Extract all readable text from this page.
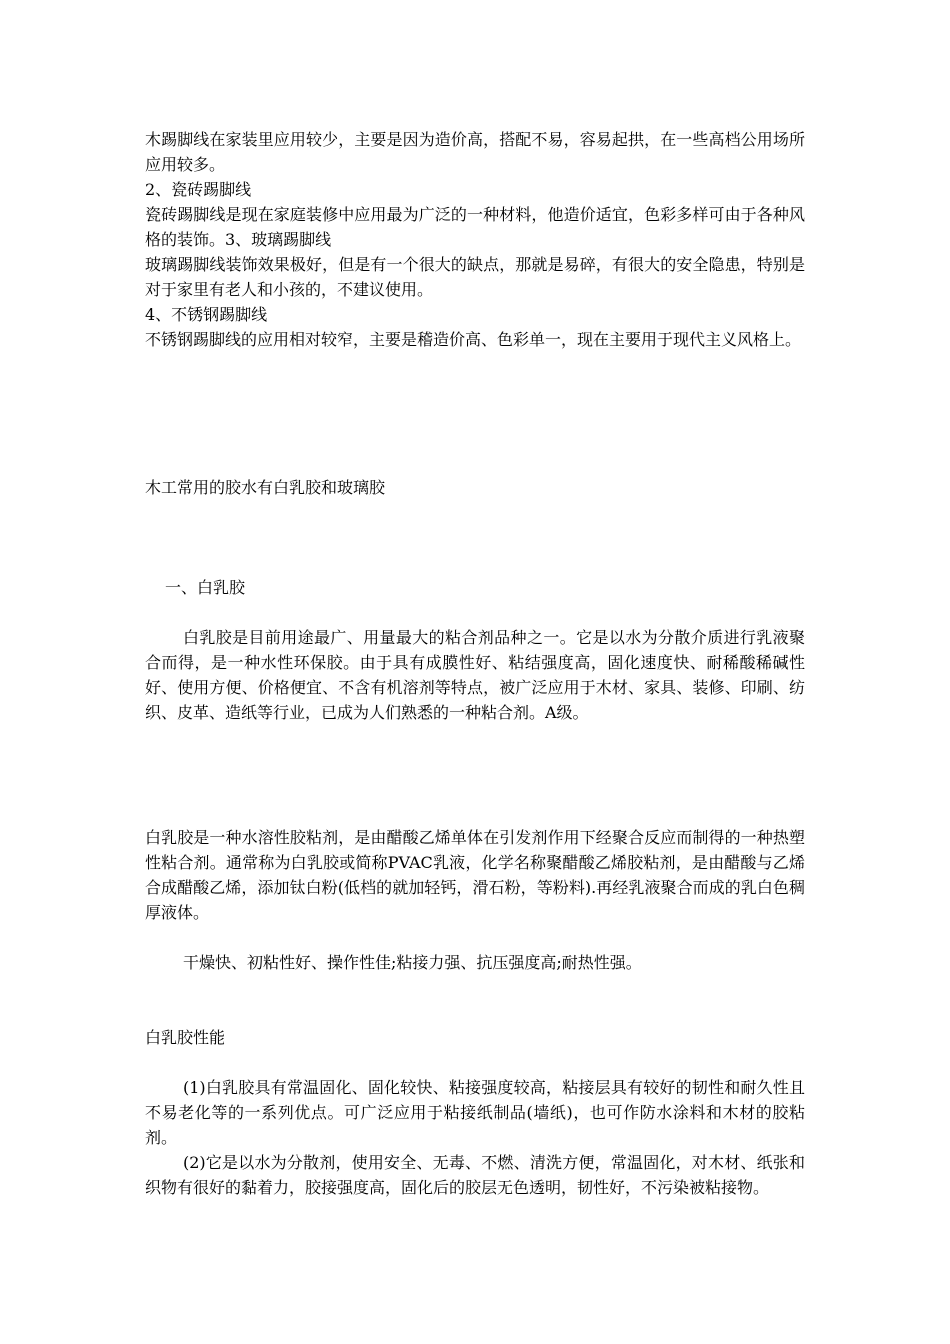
木踢脚线在家装里应用较少，主要是因为造价高，搭配不易，容易起拱，在一些高档公用场所应用较多。

2、瓷砖踢脚线

瓷砖踢脚线是现在家庭装修中应用最为广泛的一种材料，他造价适宜，色彩多样可由于各种风格的装饰。3、玻璃踢脚线

玻璃踢脚线装饰效果极好，但是有一个很大的缺点，那就是易碎，有很大的安全隐患，特别是对于家里有老人和小孩的，不建议使用。

4、不锈钢踢脚线

不锈钢踢脚线的应用相对较窄，主要是稽造价高、色彩单一，现在主要用于现代主义风格上。

木工常用的胶水有白乳胶和玻璃胶

一、白乳胶

白乳胶是目前用途最广、用量最大的粘合剂品种之一。它是以水为分散介质进行乳液聚合而得，是一种水性环保胶。由于具有成膜性好、粘结强度高，固化速度快、耐稀酸稀碱性好、使用方便、价格便宜、不含有机溶剂等特点，被广泛应用于木材、家具、装修、印刷、纺织、皮革、造纸等行业，已成为人们熟悉的一种粘合剂。A级。

白乳胶是一种水溶性胶粘剂，是由醋酸乙烯单体在引发剂作用下经聚合反应而制得的一种热塑性粘合剂。通常称为白乳胶或简称PVAC乳液，化学名称聚醋酸乙烯胶粘剂，是由醋酸与乙烯合成醋酸乙烯，添加钛白粉(低档的就加轻钙，滑石粉，等粉料).再经乳液聚合而成的乳白色稠厚液体。

干燥快、初粘性好、操作性佳;粘接力强、抗压强度高;耐热性强。

白乳胶性能

(1)白乳胶具有常温固化、固化较快、粘接强度较高，粘接层具有较好的韧性和耐久性且不易老化等的一系列优点。可广泛应用于粘接纸制品(墙纸)，也可作防水涂料和木材的胶粘剂。

(2)它是以水为分散剂，使用安全、无毒、不燃、清洗方便，常温固化，对木材、纸张和织物有很好的黏着力，胶接强度高，固化后的胶层无色透明，韧性好，不污染被粘接物。
